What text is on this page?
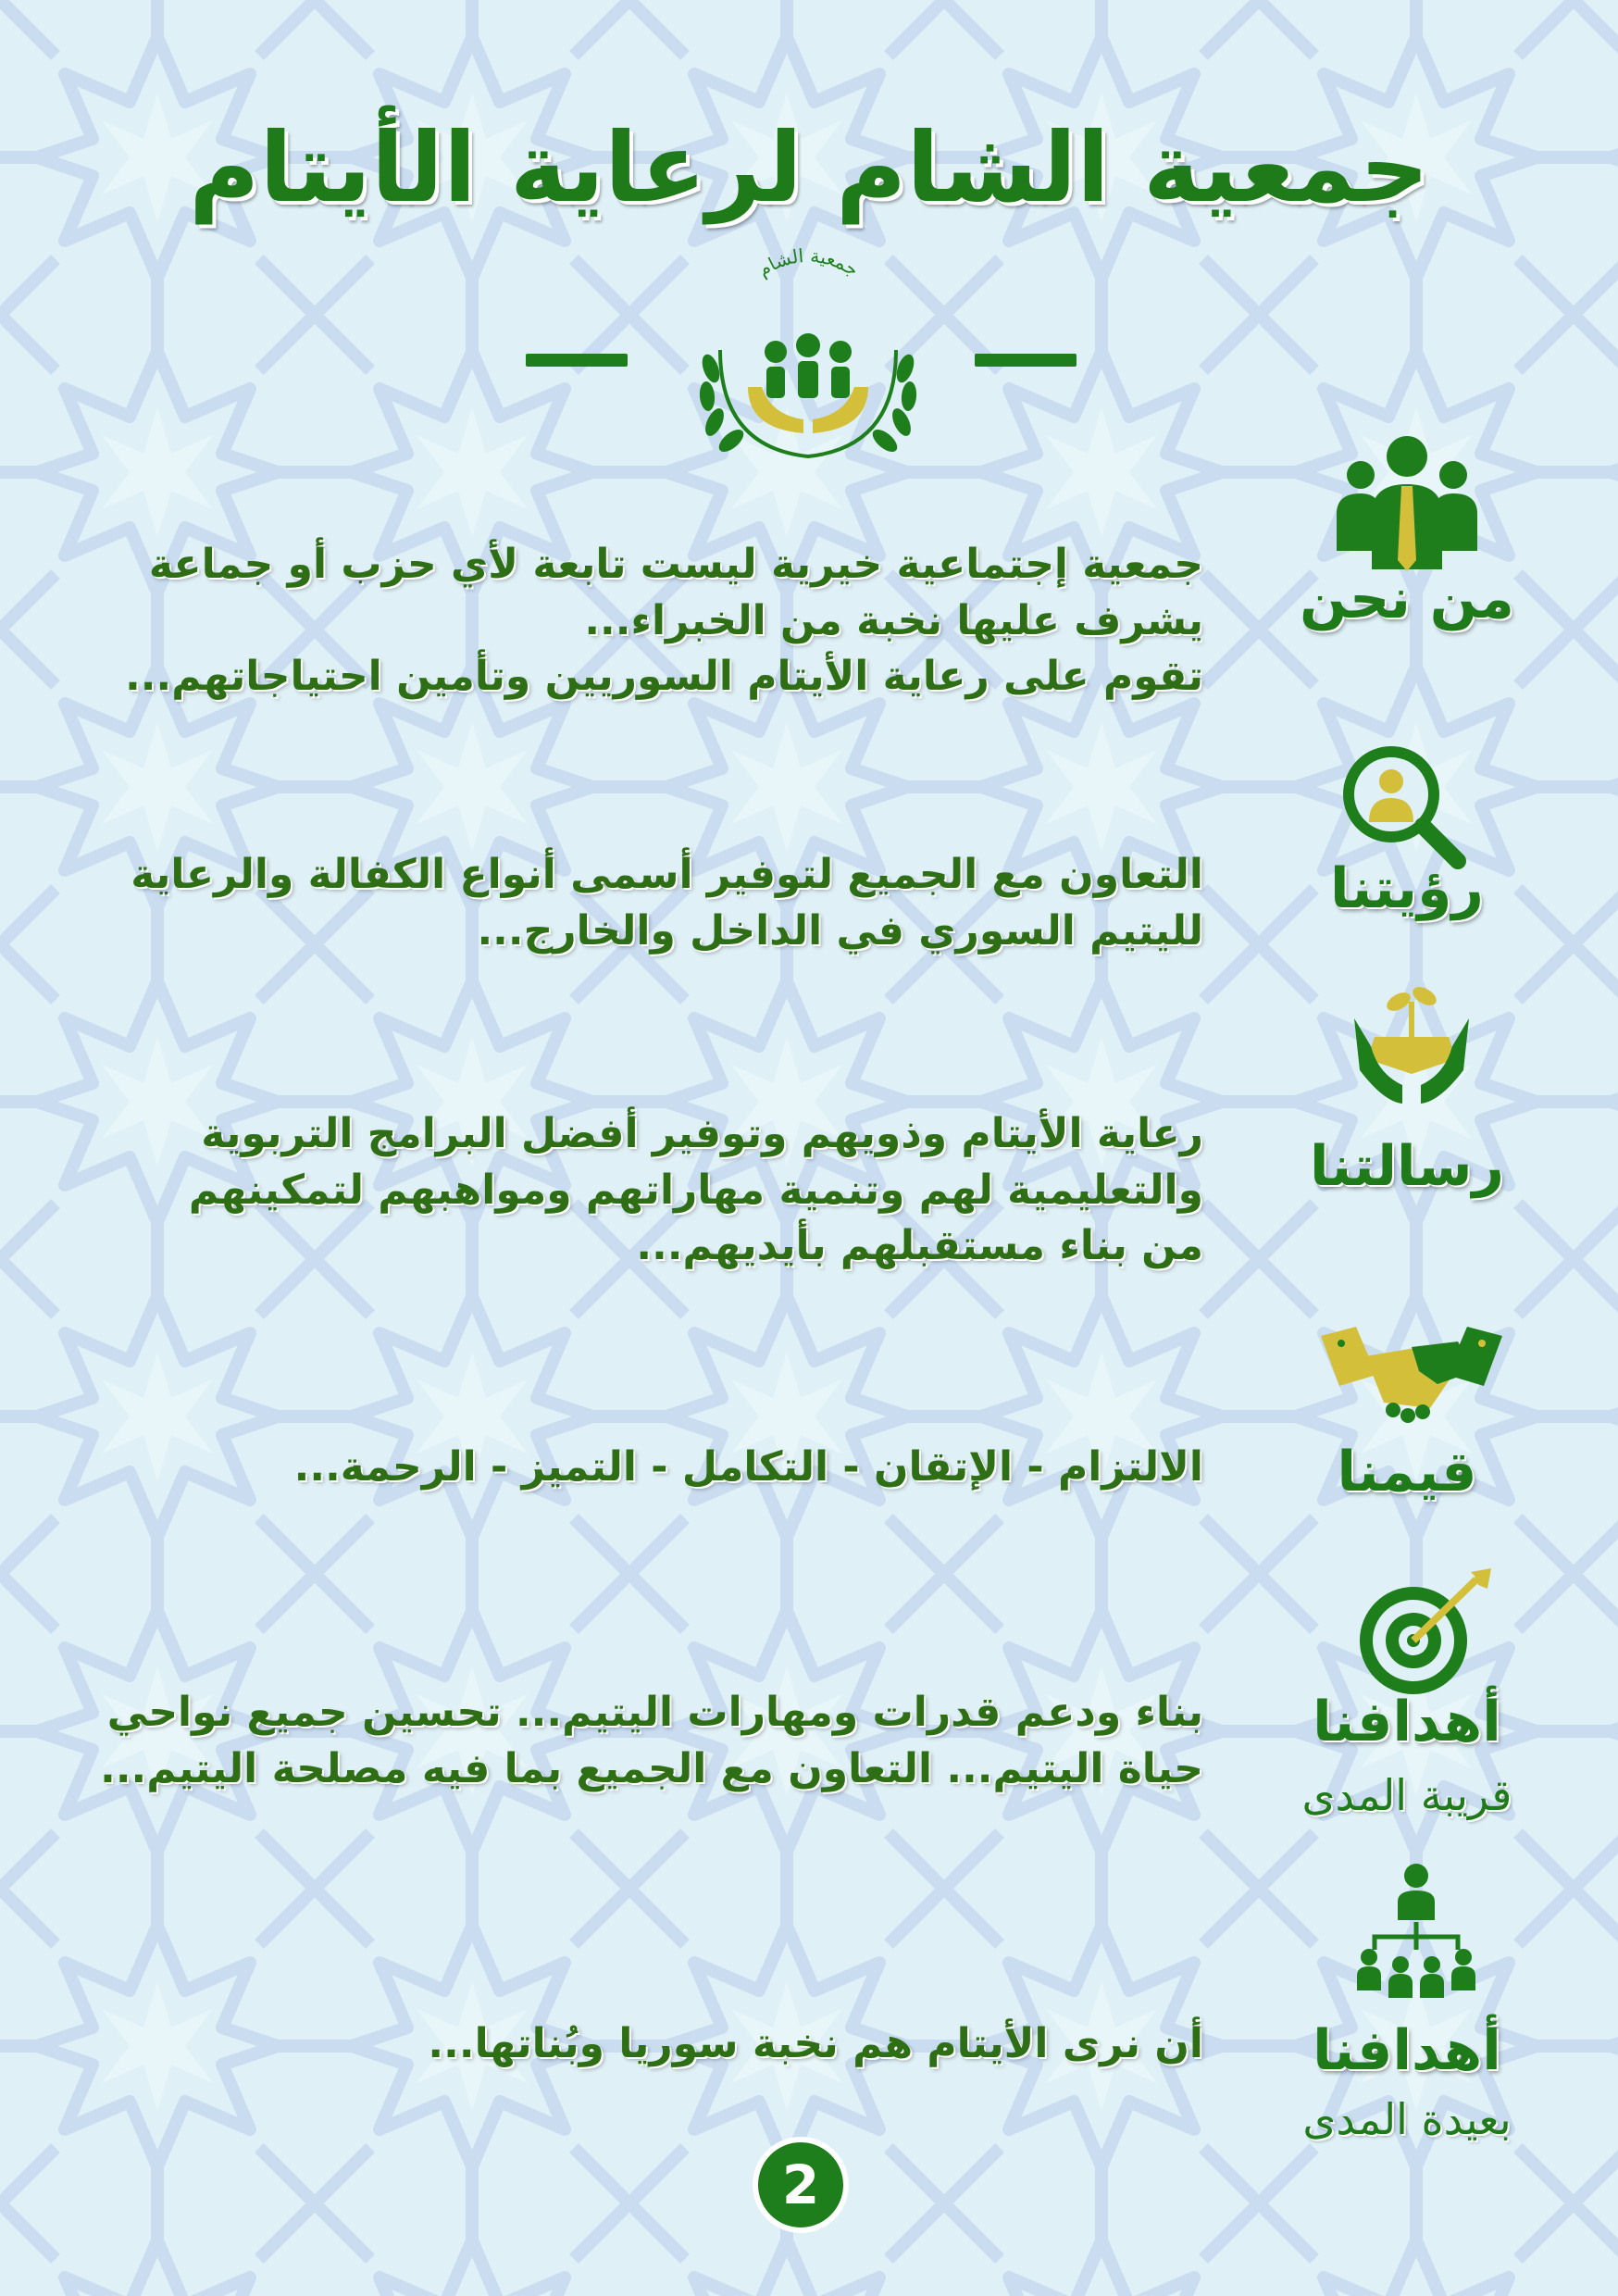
جمعية الشام لرعاية الأيتام
جمعية الشام
جمعية إجتماعية خيرية ليست تابعة لأي حزب أو جماعة
يشرف عليها نخبة من الخبراء...
تقوم على رعاية الأيتام السوريين وتأمين احتياجاتهم...
من نحن
التعاون مع الجميع لتوفير أسمى أنواع الكفالة والرعاية
لليتيم السوري في الداخل والخارج...
رؤيتنا
رعاية الأيتام وذويهم وتوفير أفضل البرامج التربوية
والتعليمية لهم وتنمية مهاراتهم ومواهبهم لتمكينهم
من بناء مستقبلهم بأيديهم...
رسالتنا
الالتزام - الإتقان - التكامل - التميز - الرحمة...	قيمنا
بناء ودعم قدرات ومهارات اليتيم... تحسين جميع نواحي
حياة اليتيم... التعاون مع الجميع بما فيه مصلحة اليتيم...
أهدافنا
قريبة المدى
أن نرى الأيتام هم نخبة سوريا وبُناتها...	أهدافنا
بعيدة المدى
2
